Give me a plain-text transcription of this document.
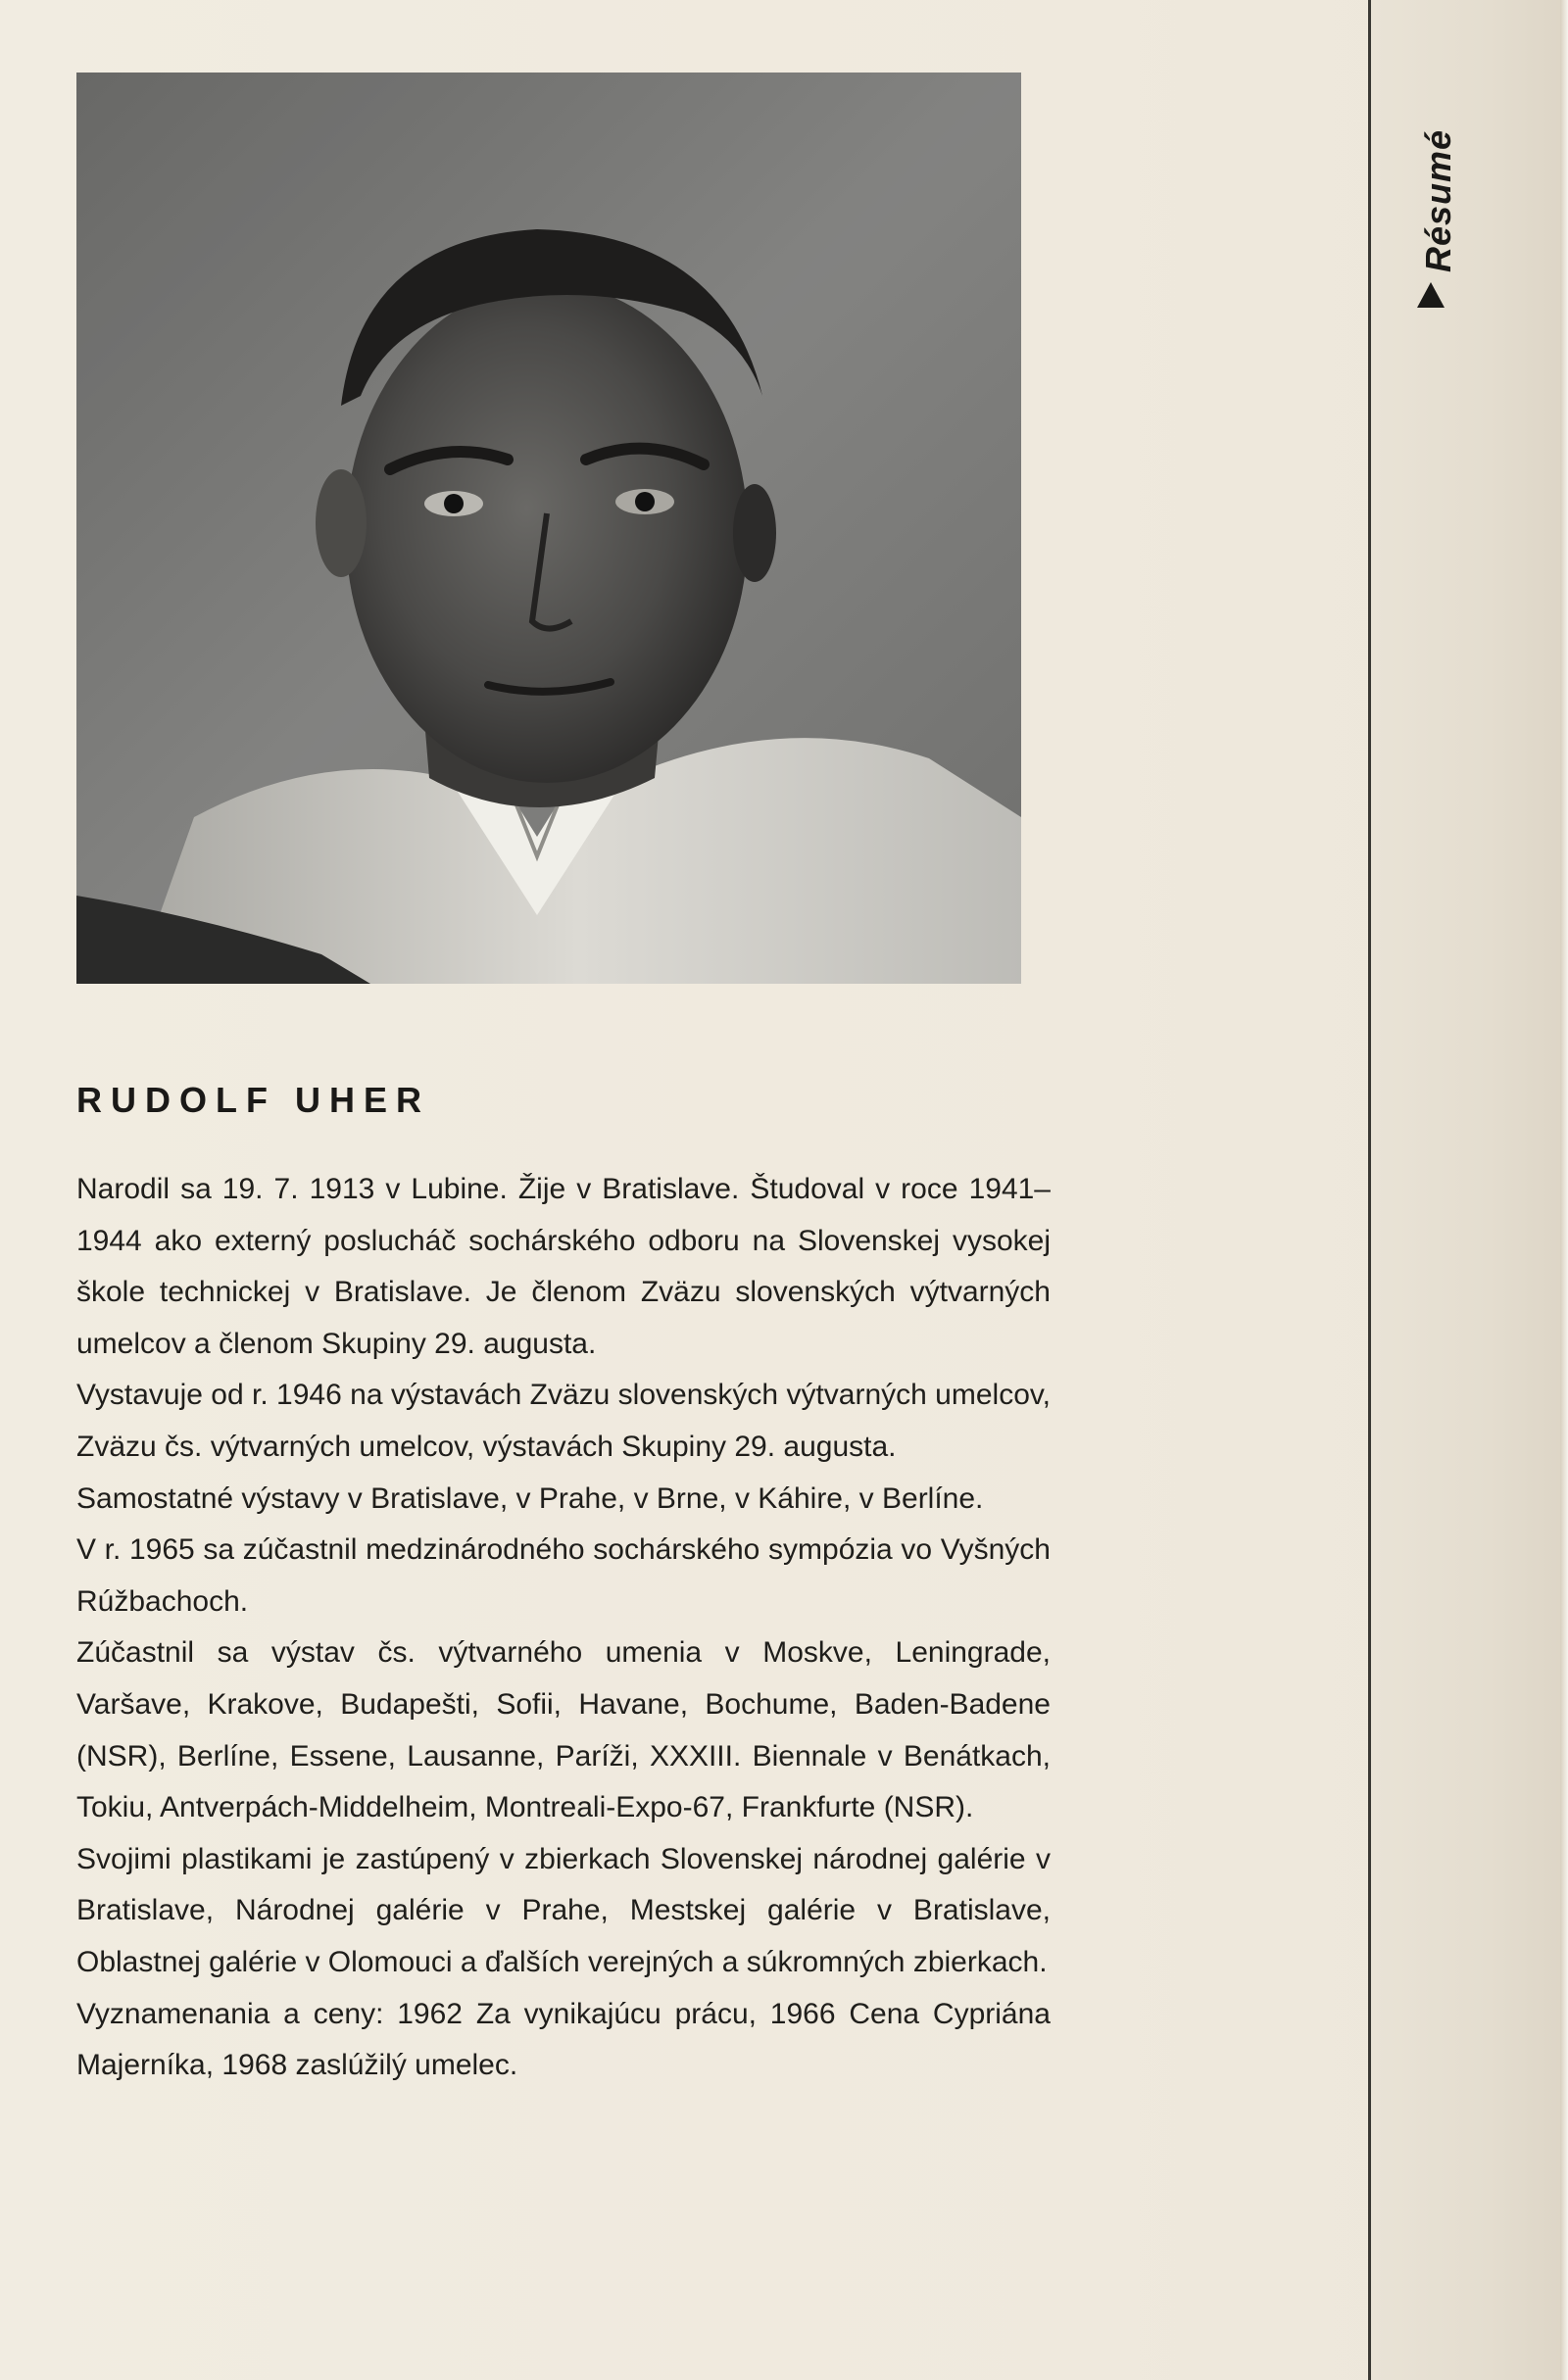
RUDOLF UHER

Narodil sa 19. 7. 1913 v Lubine. Žije v Bratislave. Študoval v roce 1941–1944 ako externý poslucháč sochárského odboru na Slovenskej vysokej škole technickej v Bratislave. Je členom Zväzu slovenských výtvarných umelcov a členom Skupiny 29. augusta.

Vystavuje od r. 1946 na výstavách Zväzu slovenských výtvarných umelcov, Zväzu čs. výtvarných umelcov, výstavách Skupiny 29. augusta.

Samostatné výstavy v Bratislave, v Prahe, v Brne, v Káhire, v Berlíne.

V r. 1965 sa zúčastnil medzinárodného sochárského sympózia vo Vyšných Rúžbachoch.

Zúčastnil sa výstav čs. výtvarného umenia v Moskve, Leningrade, Varšave, Krakove, Budapešti, Sofii, Havane, Bochume, Baden-Badene (NSR), Berlíne, Essene, Lausanne, Paríži, XXXIII. Biennale v Benátkach, Tokiu, Antverpách-Middelheim, Montreali-Expo-67, Frankfurte (NSR).

Svojimi plastikami je zastúpený v zbierkach Slovenskej národnej galérie v Bratislave, Národnej galérie v Prahe, Mestskej galérie v Bratislave, Oblastnej galérie v Olomouci a ďalších verejných a súkromných zbierkach.

Vyznamenania a ceny: 1962 Za vynikajúcu prácu, 1966 Cena Cypriána Majerníka, 1968 zaslúžilý umelec.

Résumé
